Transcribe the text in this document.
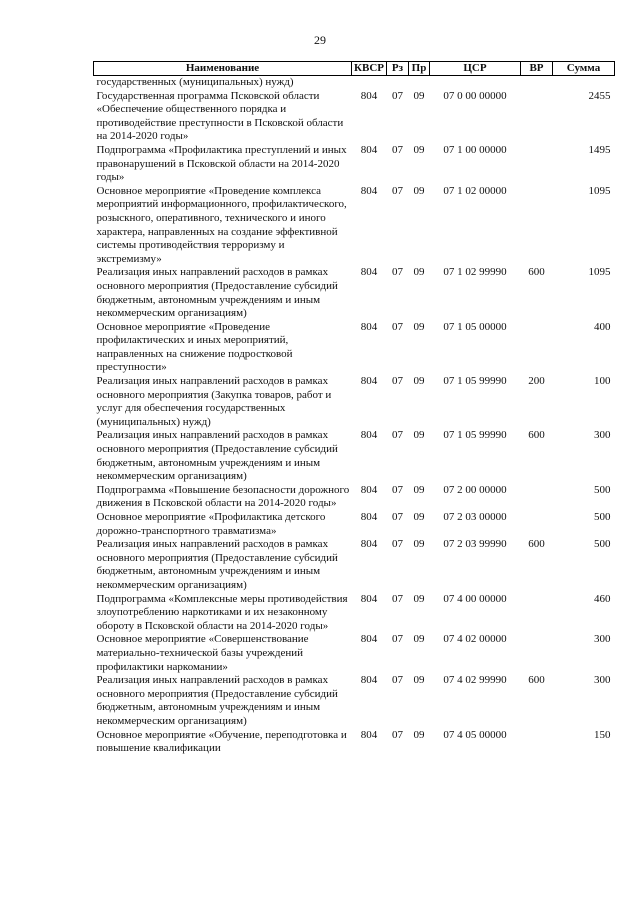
29
Наименование	КВСР	Рз	Пр	ЦСР	ВР	Сумма
государственных (муниципальных) нужд)						
Государственная программа Псковской области «Обеспечение общественного порядка и противодействие преступности в Псковской области на 2014-2020 годы»	804	07	09	07 0 00 00000		2455
Подпрограмма «Профилактика преступлений и иных правонарушений в Псковской области на 2014-2020 годы»	804	07	09	07 1 00 00000		1495
Основное мероприятие «Проведение комплекса мероприятий информационного, профилактического, розыскного, оперативного, технического и иного характера, направленных на создание эффективной системы противодействия терроризму и экстремизму»	804	07	09	07 1 02 00000		1095
Реализация иных направлений расходов в рамках основного мероприятия (Предоставление субсидий бюджетным, автономным учреждениям и иным некоммерческим организациям)	804	07	09	07 1 02 99990	600	1095
Основное мероприятие «Проведение профилактических и иных мероприятий, направленных на снижение подростковой преступности»	804	07	09	07 1 05 00000		400
Реализация иных направлений расходов в рамках основного мероприятия (Закупка товаров, работ и услуг для обеспечения государственных (муниципальных) нужд)	804	07	09	07 1 05 99990	200	100
Реализация иных направлений расходов в рамках основного мероприятия (Предоставление субсидий бюджетным, автономным учреждениям и иным некоммерческим организациям)	804	07	09	07 1 05 99990	600	300
Подпрограмма «Повышение безопасности дорожного движения в Псковской области на 2014-2020 годы»	804	07	09	07 2 00 00000		500
Основное мероприятие «Профилактика детского дорожно-транспортного травматизма»	804	07	09	07 2 03 00000		500
Реализация иных направлений расходов в рамках основного мероприятия (Предоставление субсидий бюджетным, автономным учреждениям и иным некоммерческим организациям)	804	07	09	07 2 03 99990	600	500
Подпрограмма «Комплексные меры противодействия злоупотреблению наркотиками и их незаконному обороту в Псковской области на 2014-2020 годы»	804	07	09	07 4 00 00000		460
Основное мероприятие «Совершенствование материально-технической базы учреждений профилактики наркомании»	804	07	09	07 4 02 00000		300
Реализация иных направлений расходов в рамках основного мероприятия (Предоставление субсидий бюджетным, автономным учреждениям и иным некоммерческим организациям)	804	07	09	07 4 02 99990	600	300
Основное мероприятие «Обучение, переподготовка и повышение квалификации	804	07	09	07 4 05 00000		150
